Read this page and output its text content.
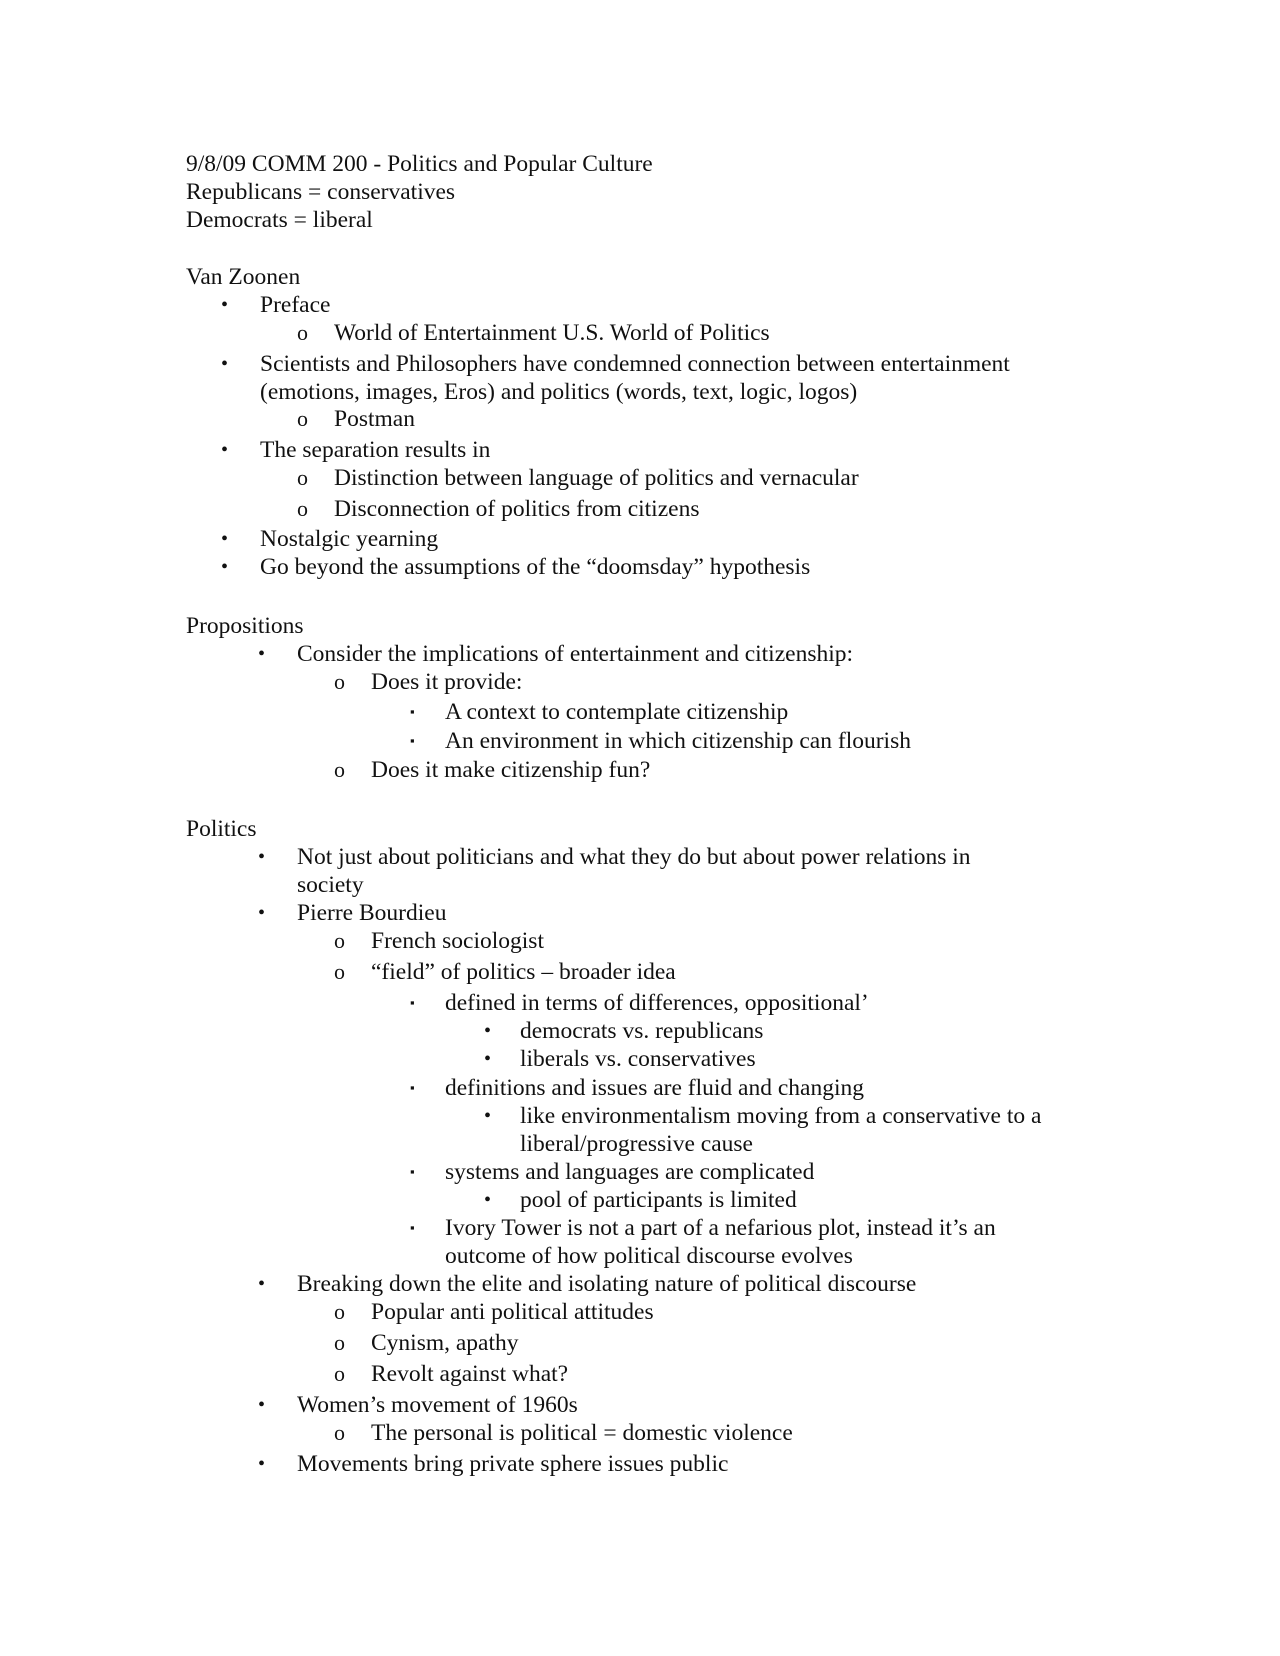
9/8/09 COMM 200 - Politics and Popular Culture
Republicans = conservatives
Democrats = liberal
Van Zoonen
• Preface
o World of Entertainment U.S. World of Politics
• Scientists and Philosophers have condemned connection between entertainment
(emotions, images, Eros) and politics (words, text, logic, logos)
o Postman
• The separation results in
o Distinction between language of politics and vernacular
o Disconnection of politics from citizens
• Nostalgic yearning
• Go beyond the assumptions of the “doomsday” hypothesis
Propositions
• Consider the implications of entertainment and citizenship:
o Does it provide:
▪ A context to contemplate citizenship
▪ An environment in which citizenship can flourish
o Does it make citizenship fun?
Politics
• Not just about politicians and what they do but about power relations in
society
• Pierre Bourdieu
o French sociologist
o “field” of politics – broader idea
▪ defined in terms of differences, oppositional’
• democrats vs. republicans
• liberals vs. conservatives
▪ definitions and issues are fluid and changing
• like environmentalism moving from a conservative to a
liberal/progressive cause
▪ systems and languages are complicated
• pool of participants is limited
▪ Ivory Tower is not a part of a nefarious plot, instead it’s an
outcome of how political discourse evolves
• Breaking down the elite and isolating nature of political discourse
o Popular anti political attitudes
o Cynism, apathy
o Revolt against what?
• Women’s movement of 1960s
o The personal is political = domestic violence
• Movements bring private sphere issues public
